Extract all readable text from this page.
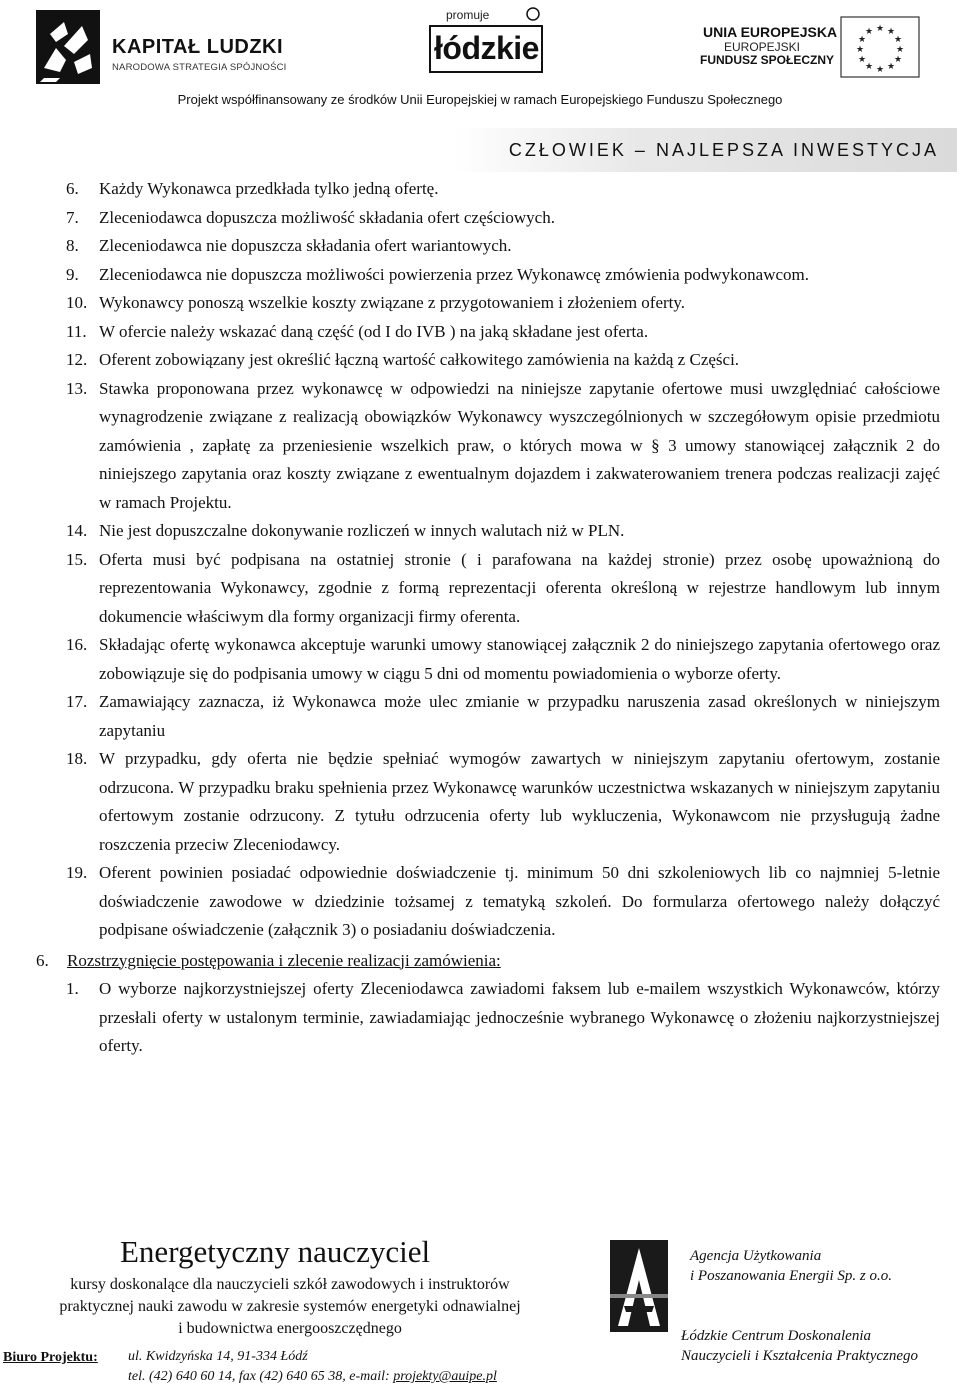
KAPITAŁ LUDZKI
NARODOWA STRATEGIA SPÓJNOŚCI
promuje
łódzkie	UNIA EUROPEJSKA
EUROPEJSKI
FUNDUSZ SPOŁECZNY
★ ★
★
★
★
★
★
★
★
★
★
★
Projekt współfinansowany ze środków Unii Europejskiej w ramach Europejskiego Funduszu Społecznego
CZŁOWIEK – NAJLEPSZA INWESTYCJA
6. Każdy Wykonawca przedkłada tylko jedną ofertę.
7. Zleceniodawca dopuszcza możliwość składania ofert częściowych.
8. Zleceniodawca nie dopuszcza składania ofert wariantowych.
9. Zleceniodawca nie dopuszcza możliwości powierzenia przez Wykonawcę zmówienia podwykonawcom.
10. Wykonawcy ponoszą wszelkie koszty związane z przygotowaniem i złożeniem oferty.
11. W ofercie należy wskazać daną część (od I do IVB ) na jaką składane jest oferta.
12. Oferent zobowiązany jest określić łączną wartość całkowitego zamówienia na każdą z Części.
13. Stawka proponowana przez wykonawcę w odpowiedzi na niniejsze zapytanie ofertowe musi uwzględniać całościowe wynagrodzenie związane z realizacją obowiązków Wykonawcy wyszczególnionych w szczegółowym opisie przedmiotu zamówienia , zapłatę za przeniesienie wszelkich praw, o których mowa w § 3 umowy stanowiącej załącznik 2 do niniejszego zapytania oraz koszty związane z ewentualnym dojazdem i zakwaterowaniem trenera podczas realizacji zajęć w ramach Projektu.
14. Nie jest dopuszczalne dokonywanie rozliczeń w innych walutach niż w PLN.
15. Oferta musi być podpisana na ostatniej stronie ( i parafowana na każdej stronie) przez osobę upoważnioną do reprezentowania Wykonawcy, zgodnie z formą reprezentacji oferenta określoną w rejestrze handlowym lub innym dokumencie właściwym dla formy organizacji firmy oferenta.
16. Składając ofertę wykonawca akceptuje warunki umowy stanowiącej załącznik 2 do niniejszego zapytania ofertowego oraz zobowiązuje się do podpisania umowy w ciągu 5 dni od momentu powiadomienia o wyborze oferty.
17. Zamawiający zaznacza, iż Wykonawca może ulec zmianie w przypadku naruszenia zasad określonych w niniejszym zapytaniu
18. W przypadku, gdy oferta nie będzie spełniać wymogów zawartych w niniejszym zapytaniu ofertowym, zostanie odrzucona. W przypadku braku spełnienia przez Wykonawcę warunków uczestnictwa wskazanych w niniejszym zapytaniu ofertowym zostanie odrzucony. Z tytułu odrzucenia oferty lub wykluczenia, Wykonawcom nie przysługują żadne roszczenia przeciw Zleceniodawcy.
19. Oferent powinien posiadać odpowiednie doświadczenie tj. minimum 50 dni szkoleniowych lib co najmniej 5-letnie doświadczenie zawodowe w dziedzinie tożsamej z tematyką szkoleń. Do formularza ofertowego należy dołączyć podpisane oświadczenie (załącznik 3) o posiadaniu doświadczenia.
6. Rozstrzygnięcie postępowania i zlecenie realizacji zamówienia:
1. O wyborze najkorzystniejszej oferty Zleceniodawca zawiadomi faksem lub e-mailem wszystkich Wykonawców, którzy przesłali oferty w ustalonym terminie, zawiadamiając jednocześnie wybranego Wykonawcę o złożeniu najkorzystniejszej oferty.
Energetyczny nauczyciel
kursy doskonalące dla nauczycieli szkół zawodowych i instruktorów
praktycznej nauki zawodu w zakresie systemów energetyki odnawialnej
i budownictwa energooszczędnego
Biuro Projektu: ul. Kwidzyńska 14, 91-334 Łódź
tel. (42) 640 60 14, fax (42) 640 65 38, e-mail: projekty@auipe.pl
Agencja Użytkowania
i Poszanowania Energii Sp. z o.o.
Łódzkie Centrum Doskonalenia
Nauczycieli i Kształcenia Praktycznego
